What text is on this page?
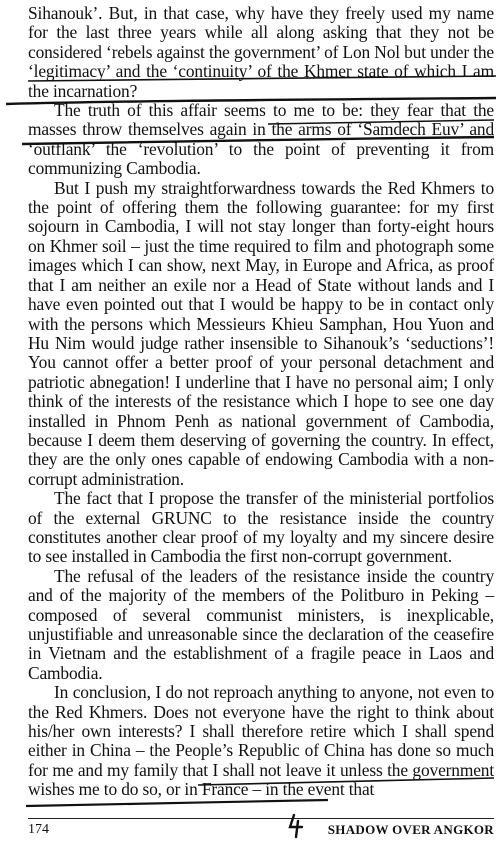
Sihanouk’. But, in that case, why have they freely used my name for the last three years while all along asking that they not be considered ‘rebels against the government’ of Lon Nol but under the ‘legitimacy’ and the ‘continuity’ of the Khmer state of which I am the incarnation?

The truth of this affair seems to me to be: they fear that the masses throw themselves again in the arms of ‘Samdech Euv’ and ‘outflank’ the ‘revolution’ to the point of preventing it from communizing Cambodia.

But I push my straightforwardness towards the Red Khmers to the point of offering them the following guarantee: for my first sojourn in Cambodia, I will not stay longer than forty-eight hours on Khmer soil – just the time required to film and photograph some images which I can show, next May, in Europe and Africa, as proof that I am neither an exile nor a Head of State without lands and I have even pointed out that I would be happy to be in contact only with the persons which Messieurs Khieu Samphan, Hou Yuon and Hu Nim would judge rather insensible to Sihanouk’s ‘seductions’! You cannot offer a better proof of your personal detachment and patriotic abnegation! I underline that I have no personal aim; I only think of the interests of the resistance which I hope to see one day installed in Phnom Penh as national government of Cambodia, because I deem them deserving of governing the country. In effect, they are the only ones capable of endowing Cambodia with a non-corrupt administration.

The fact that I propose the transfer of the ministerial portfolios of the external GRUNC to the resistance inside the country constitutes another clear proof of my loyalty and my sincere desire to see installed in Cambodia the first non-corrupt government.

The refusal of the leaders of the resistance inside the country and of the majority of the members of the Politburo in Peking – composed of several communist ministers, is inexplicable, unjustifiable and unreasonable since the declaration of the ceasefire in Vietnam and the establishment of a fragile peace in Laos and Cambodia.

In conclusion, I do not reproach anything to anyone, not even to the Red Khmers. Does not everyone have the right to think about his/her own interests? I shall therefore retire which I shall spend either in China – the People’s Republic of China has done so much for me and my family that I shall not leave it unless the government wishes me to do so, or in France – in the event that

174	SHADOW OVER ANGKOR
